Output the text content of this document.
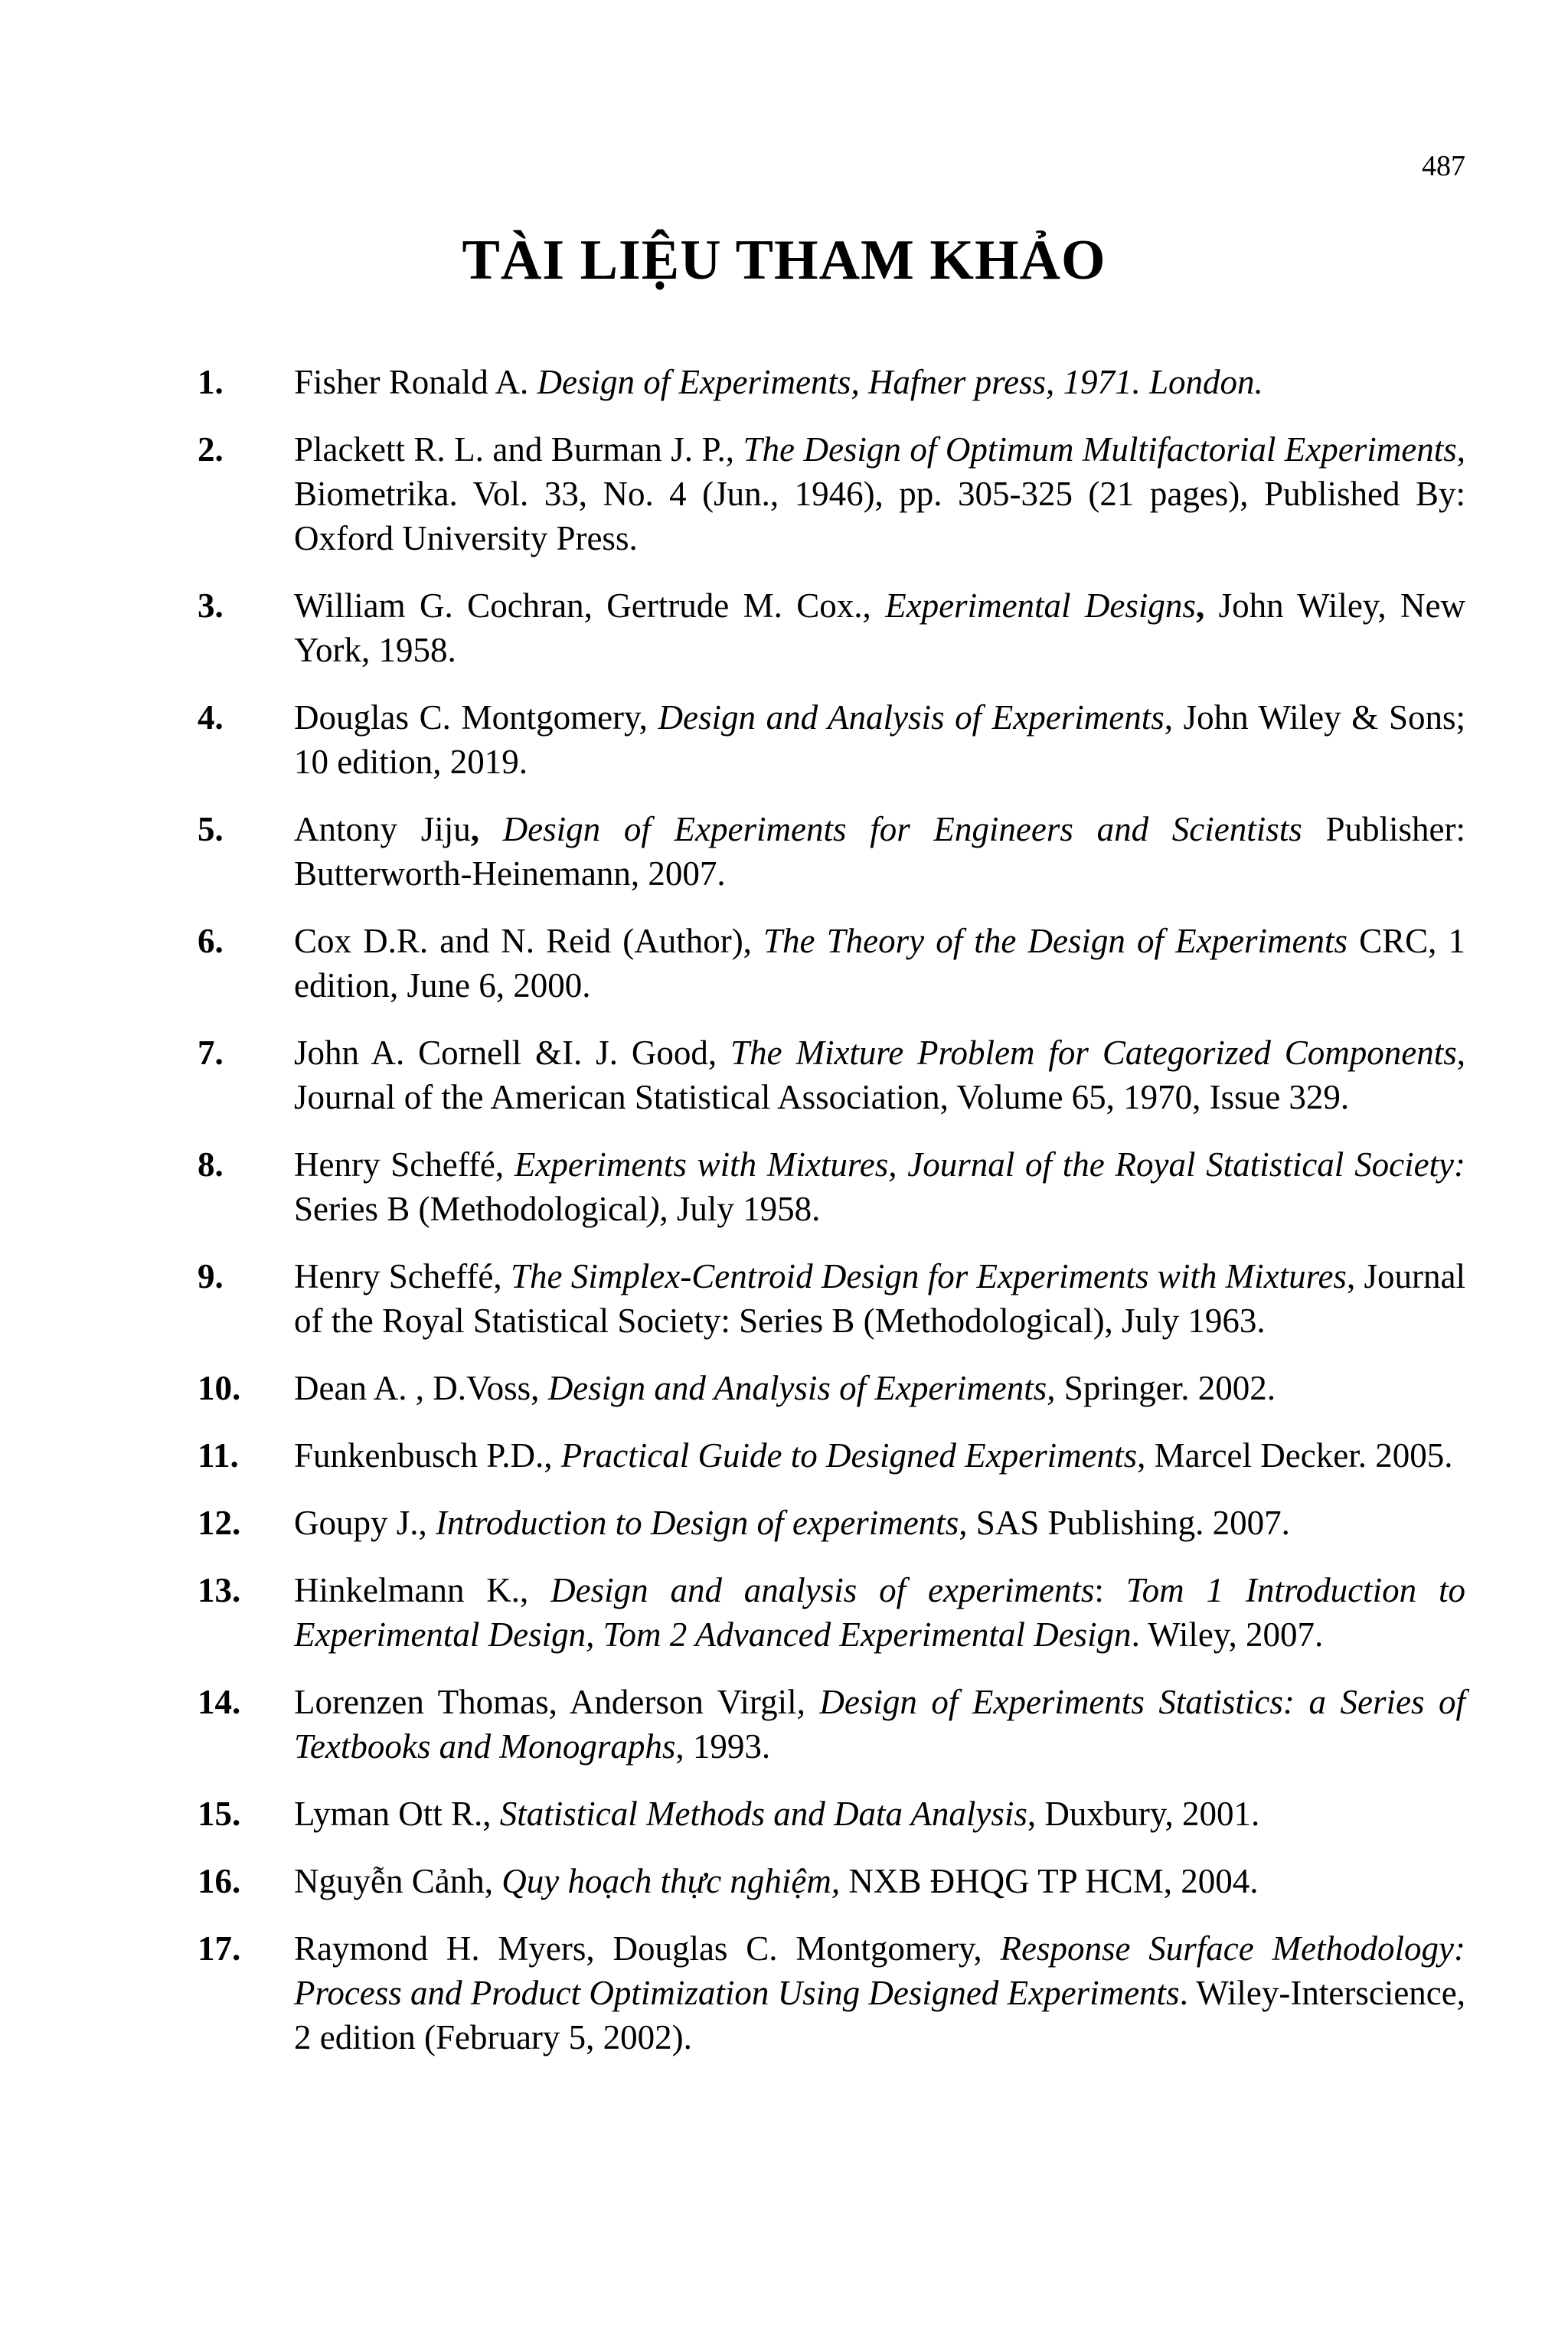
487
TÀI LIỆU THAM KHẢO
1. Fisher Ronald A. Design of Experiments, Hafner press, 1971. London.
2. Plackett R. L. and Burman J. P., The Design of Optimum Multifactorial Experiments, Biometrika. Vol. 33, No. 4 (Jun., 1946), pp. 305-325 (21 pages), Published By: Oxford University Press.
3. William G. Cochran, Gertrude M. Cox., Experimental Designs, John Wiley, New York, 1958.
4. Douglas C. Montgomery, Design and Analysis of Experiments, John Wiley & Sons; 10 edition, 2019.
5. Antony Jiju, Design of Experiments for Engineers and Scientists Publisher: Butterworth-Heinemann, 2007.
6. Cox D.R. and N. Reid (Author), The Theory of the Design of Experiments CRC, 1 edition, June 6, 2000.
7. John A. Cornell &I. J. Good, The Mixture Problem for Categorized Components, Journal of the American Statistical Association, Volume 65, 1970, Issue 329.
8. Henry Scheffé, Experiments with Mixtures, Journal of the Royal Statistical Society: Series B (Methodological), July 1958.
9. Henry Scheffé, The Simplex-Centroid Design for Experiments with Mixtures, Journal of the Royal Statistical Society: Series B (Methodological), July 1963.
10. Dean A. , D.Voss, Design and Analysis of Experiments, Springer. 2002.
11. Funkenbusch P.D., Practical Guide to Designed Experiments, Marcel Decker. 2005.
12. Goupy J., Introduction to Design of experiments, SAS Publishing. 2007.
13. Hinkelmann K., Design and analysis of experiments: Tom 1 Introduction to Experimental Design, Tom 2 Advanced Experimental Design. Wiley, 2007.
14. Lorenzen Thomas, Anderson Virgil, Design of Experiments Statistics: a Series of Textbooks and Monographs, 1993.
15. Lyman Ott R., Statistical Methods and Data Analysis, Duxbury, 2001.
16. Nguyễn Cảnh, Quy hoạch thực nghiệm, NXB ĐHQG TP HCM, 2004.
17. Raymond H. Myers, Douglas C. Montgomery, Response Surface Methodology: Process and Product Optimization Using Designed Experiments. Wiley-Interscience, 2 edition (February 5, 2002).
